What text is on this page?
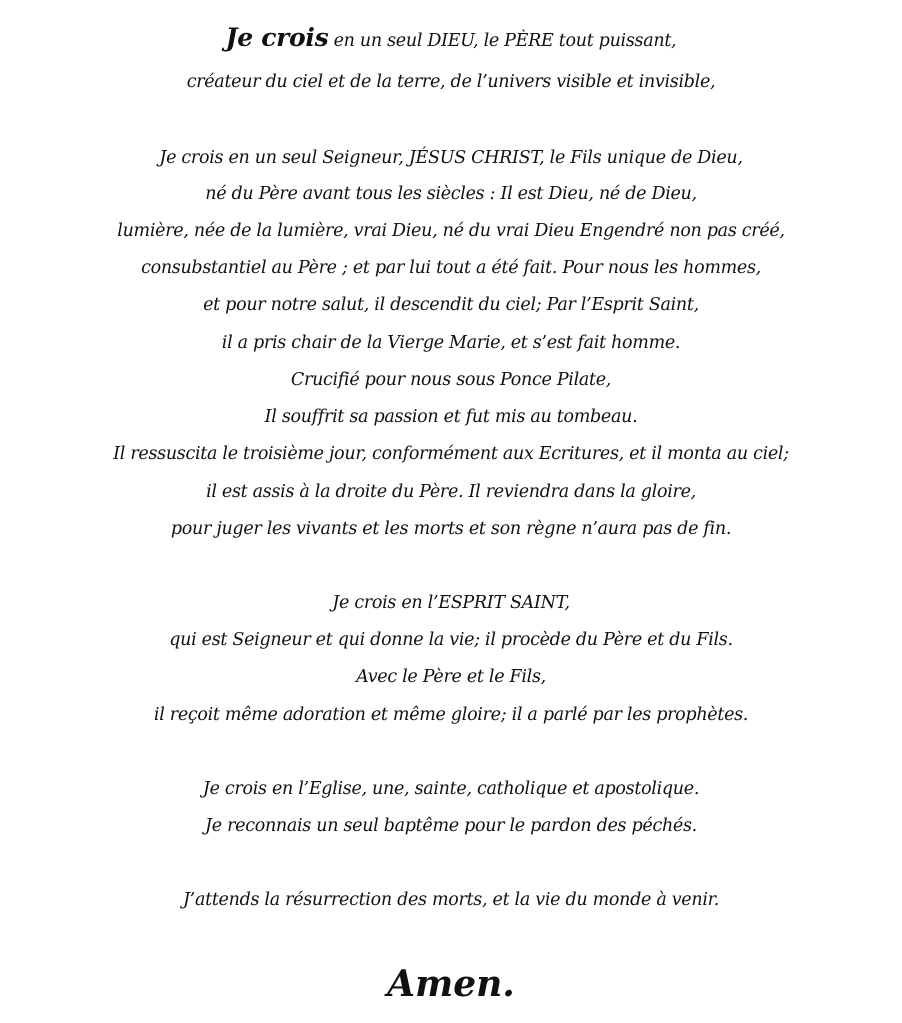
Je crois en un seul DIEU, le PÈRE tout puissant,
créateur du ciel et de la terre, de l’univers visible et invisible,
Je crois en un seul Seigneur, JÉSUS CHRIST, le Fils unique de Dieu,
né du Père avant tous les siècles : Il est Dieu, né de Dieu,
lumière, née de la lumière, vrai Dieu, né du vrai Dieu Engendré non pas créé,
consubstantiel au Père ; et par lui tout a été fait. Pour nous les hommes,
et pour notre salut, il descendit du ciel; Par l’Esprit Saint,
il a pris chair de la Vierge Marie, et s’est fait homme.
Crucifié pour nous sous Ponce Pilate,
Il souffrit sa passion et fut mis au tombeau.
Il ressuscita le troisième jour, conformément aux Ecritures, et il monta au ciel;
il est assis à la droite du Père. Il reviendra dans la gloire,
pour juger les vivants et les morts et son règne n’aura pas de fin.
Je crois en l’ESPRIT SAINT,
qui est Seigneur et qui donne la vie; il procède du Père et du Fils.
Avec le Père et le Fils,
il reçoit même adoration et même gloire; il a parlé par les prophètes.
Je crois en l’Eglise, une, sainte, catholique et apostolique.
Je reconnais un seul baptême pour le pardon des péchés.
J’attends la résurrection des morts, et la vie du monde à venir.
Amen.
